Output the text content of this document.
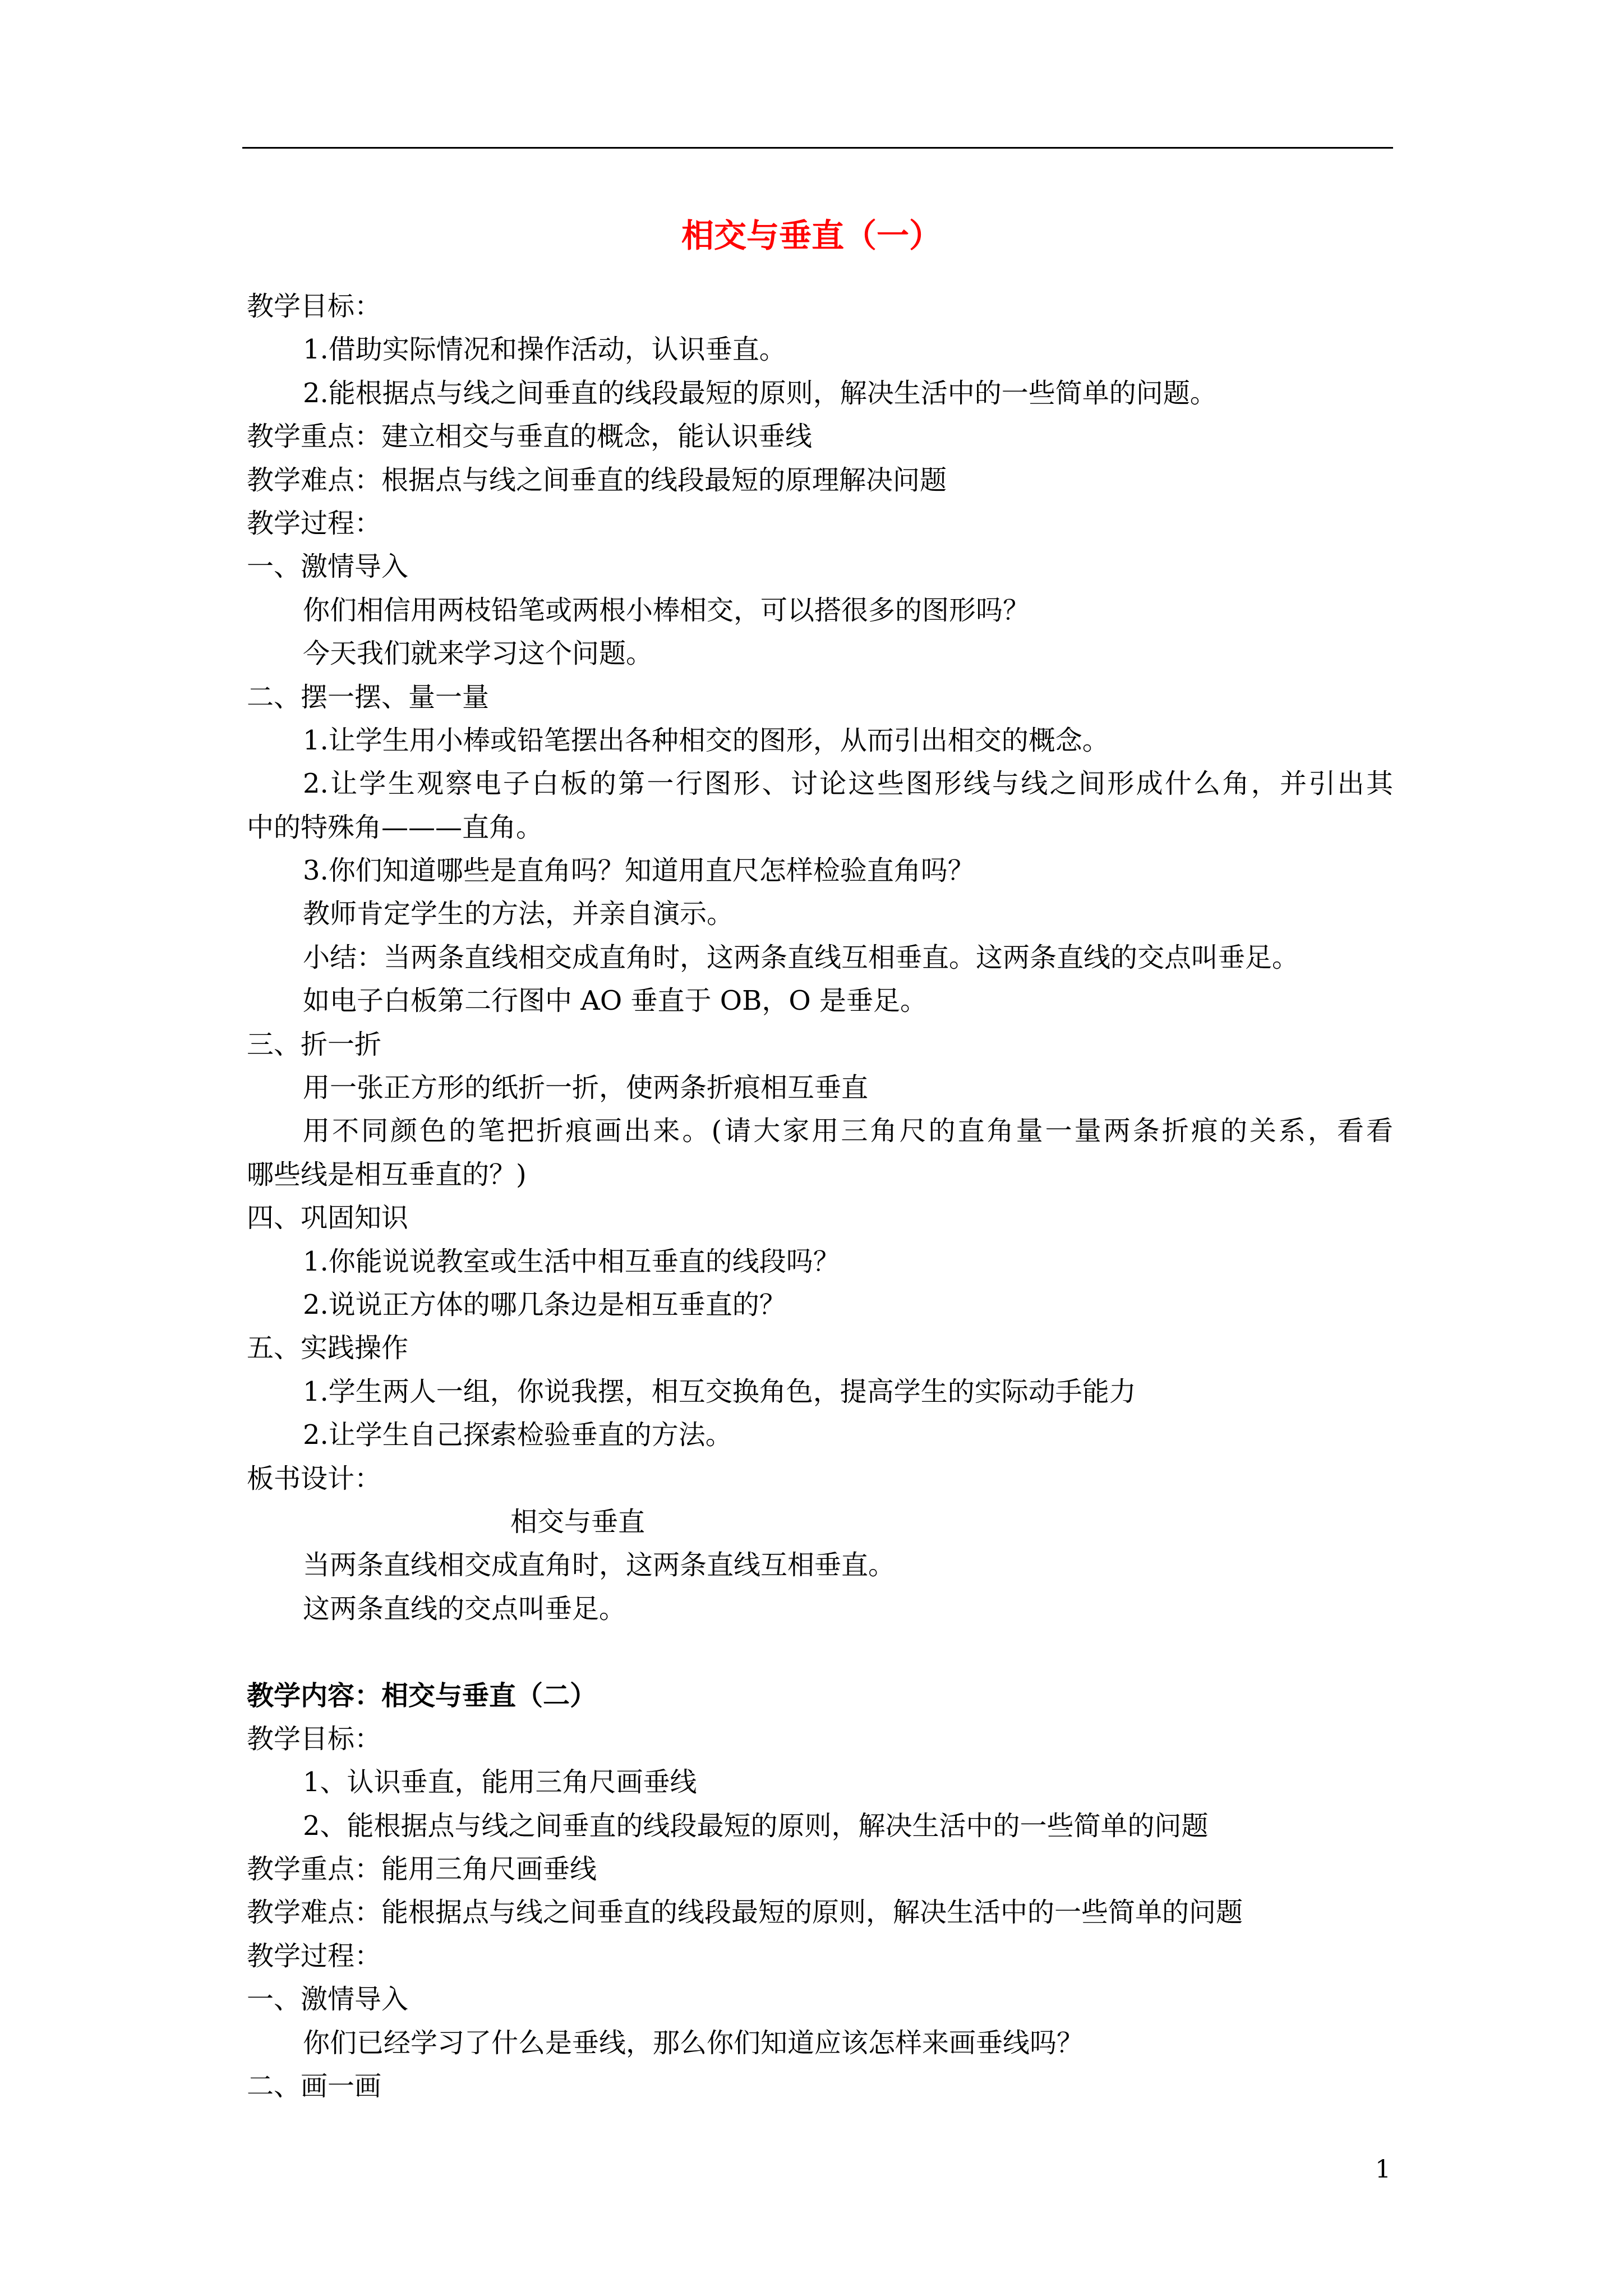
相交与垂直（一）
教学目标：
1.借助实际情况和操作活动，认识垂直。
2.能根据点与线之间垂直的线段最短的原则，解决生活中的一些简单的问题。
教学重点：建立相交与垂直的概念，能认识垂线
教学难点：根据点与线之间垂直的线段最短的原理解决问题
教学过程：
一、激情导入
你们相信用两枝铅笔或两根小棒相交，可以搭很多的图形吗？
今天我们就来学习这个问题。
二、摆一摆、量一量
1.让学生用小棒或铅笔摆出各种相交的图形，从而引出相交的概念。
2.让学生观察电子白板的第一行图形、讨论这些图形线与线之间形成什么角，并引出其
中的特殊角———直角。
3.你们知道哪些是直角吗？知道用直尺怎样检验直角吗？
教师肯定学生的方法，并亲自演示。
小结：当两条直线相交成直角时，这两条直线互相垂直。这两条直线的交点叫垂足。
如电子白板第二行图中 AO 垂直于 OB，O 是垂足。
三、折一折
用一张正方形的纸折一折，使两条折痕相互垂直
用不同颜色的笔把折痕画出来。(请大家用三角尺的直角量一量两条折痕的关系，看看
哪些线是相互垂直的？)
四、巩固知识
1.你能说说教室或生活中相互垂直的线段吗？
2.说说正方体的哪几条边是相互垂直的？
五、实践操作
1.学生两人一组，你说我摆，相互交换角色，提高学生的实际动手能力
2.让学生自己探索检验垂直的方法。
板书设计：
相交与垂直
当两条直线相交成直角时，这两条直线互相垂直。
这两条直线的交点叫垂足。
教学内容：相交与垂直（二）
教学目标：
1、认识垂直，能用三角尺画垂线
2、能根据点与线之间垂直的线段最短的原则，解决生活中的一些简单的问题
教学重点：能用三角尺画垂线
教学难点：能根据点与线之间垂直的线段最短的原则，解决生活中的一些简单的问题
教学过程：
一、激情导入
你们已经学习了什么是垂线，那么你们知道应该怎样来画垂线吗？
二、画一画
1
